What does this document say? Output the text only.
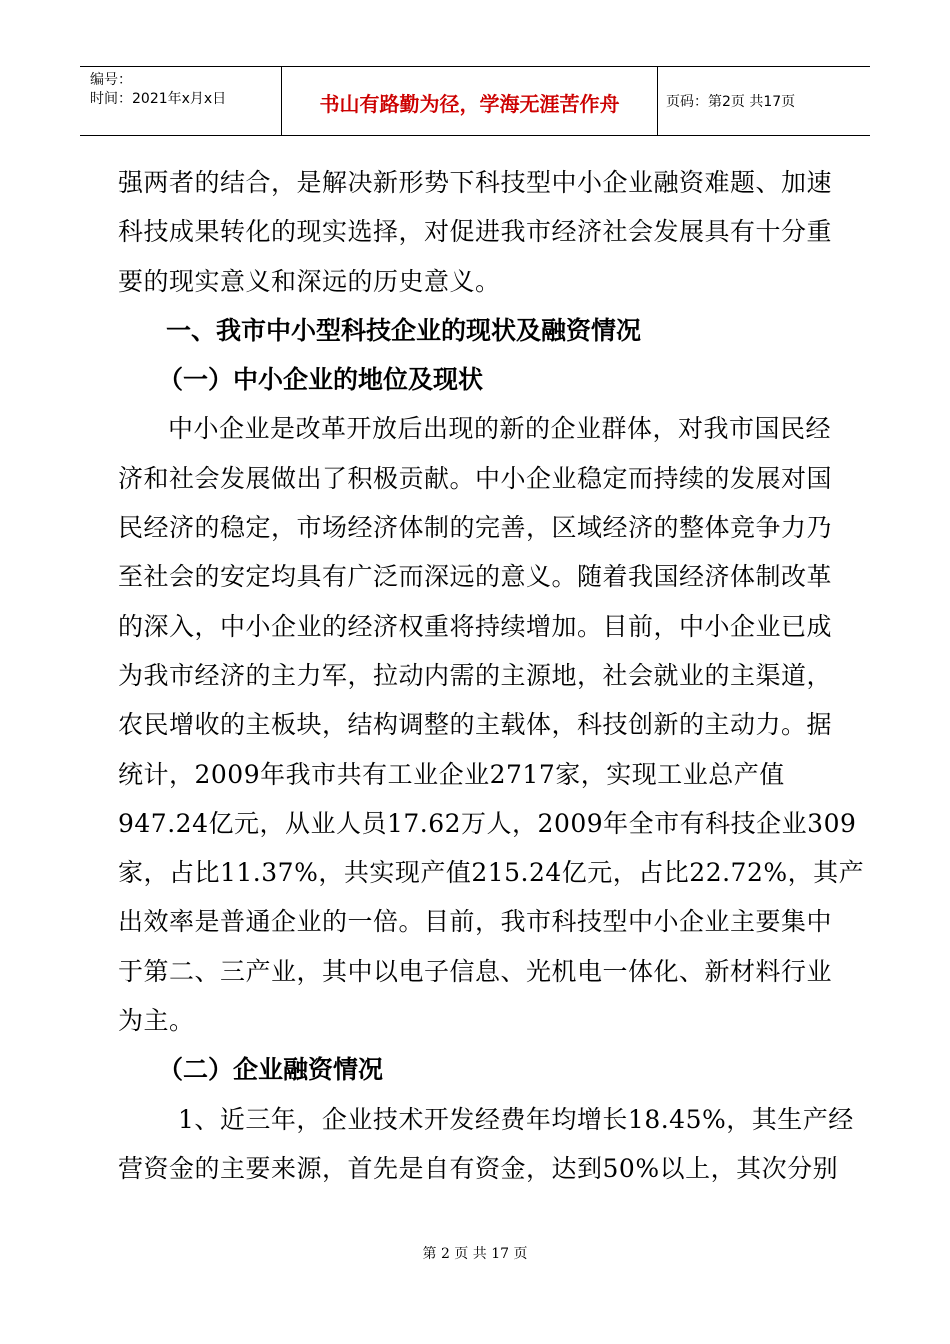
编号：
时间：2021年x月x日	书山有路勤为径，学海无涯苦作舟	页码：第2页 共17页

强两者的结合，是解决新形势下科技型中小企业融资难题、加速
科技成果转化的现实选择，对促进我市经济社会发展具有十分重
要的现实意义和深远的历史意义。

一、我市中小型科技企业的现状及融资情况

（一）中小企业的地位及现状

中小企业是改革开放后出现的新的企业群体，对我市国民经
济和社会发展做出了积极贡献。中小企业稳定而持续的发展对国
民经济的稳定，市场经济体制的完善，区域经济的整体竞争力乃
至社会的安定均具有广泛而深远的意义。随着我国经济体制改革
的深入，中小企业的经济权重将持续增加。目前，中小企业已成
为我市经济的主力军，拉动内需的主源地，社会就业的主渠道，
农民增收的主板块，结构调整的主载体，科技创新的主动力。据
统计，2009年我市共有工业企业2717家，实现工业总产值
947.24亿元，从业人员17.62万人，2009年全市有科技企业309
家，占比11.37%，共实现产值215.24亿元，占比22.72%，其产
出效率是普通企业的一倍。目前，我市科技型中小企业主要集中
于第二、三产业，其中以电子信息、光机电一体化、新材料行业
为主。

（二）企业融资情况

1、近三年，企业技术开发经费年均增长18.45%，其生产经
营资金的主要来源，首先是自有资金，达到50%以上，其次分别

第 2 页 共 17 页
